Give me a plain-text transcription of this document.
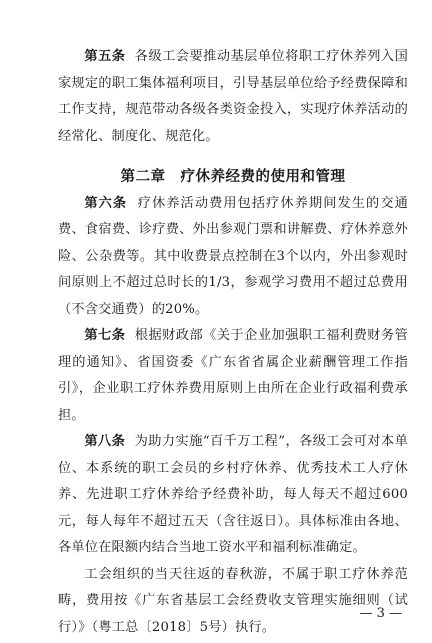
第五条 各级工会要推动基层单位将职工疗休养列入国家规定的职工集体福利项目，引导基层单位给予经费保障和工作支持，规范带动各级各类资金投入，实现疗休养活动的经常化、制度化、规范化。

第二章　疗休养经费的使用和管理

第六条 疗休养活动费用包括疗休养期间发生的交通费、食宿费、诊疗费、外出参观门票和讲解费、疗休养意外险、公杂费等。其中收费景点控制在3个以内，外出参观时间原则上不超过总时长的1/3，参观学习费用不超过总费用（不含交通费）的20%。

第七条 根据财政部《关于企业加强职工福利费财务管理的通知》、省国资委《广东省省属企业薪酬管理工作指引》，企业职工疗休养费用原则上由所在企业行政福利费承担。

第八条 为助力实施“百千万工程”，各级工会可对本单位、本系统的职工会员的乡村疗休养、优秀技术工人疗休养、先进职工疗休养给予经费补助，每人每天不超过600元，每人每年不超过五天（含往返日）。具体标准由各地、各单位在限额内结合当地工资水平和福利标准确定。

工会组织的当天往返的春秋游，不属于职工疗休养范畴，费用按《广东省基层工会经费收支管理实施细则（试行）》（粤工总〔2018〕5号）执行。

— 3 —
